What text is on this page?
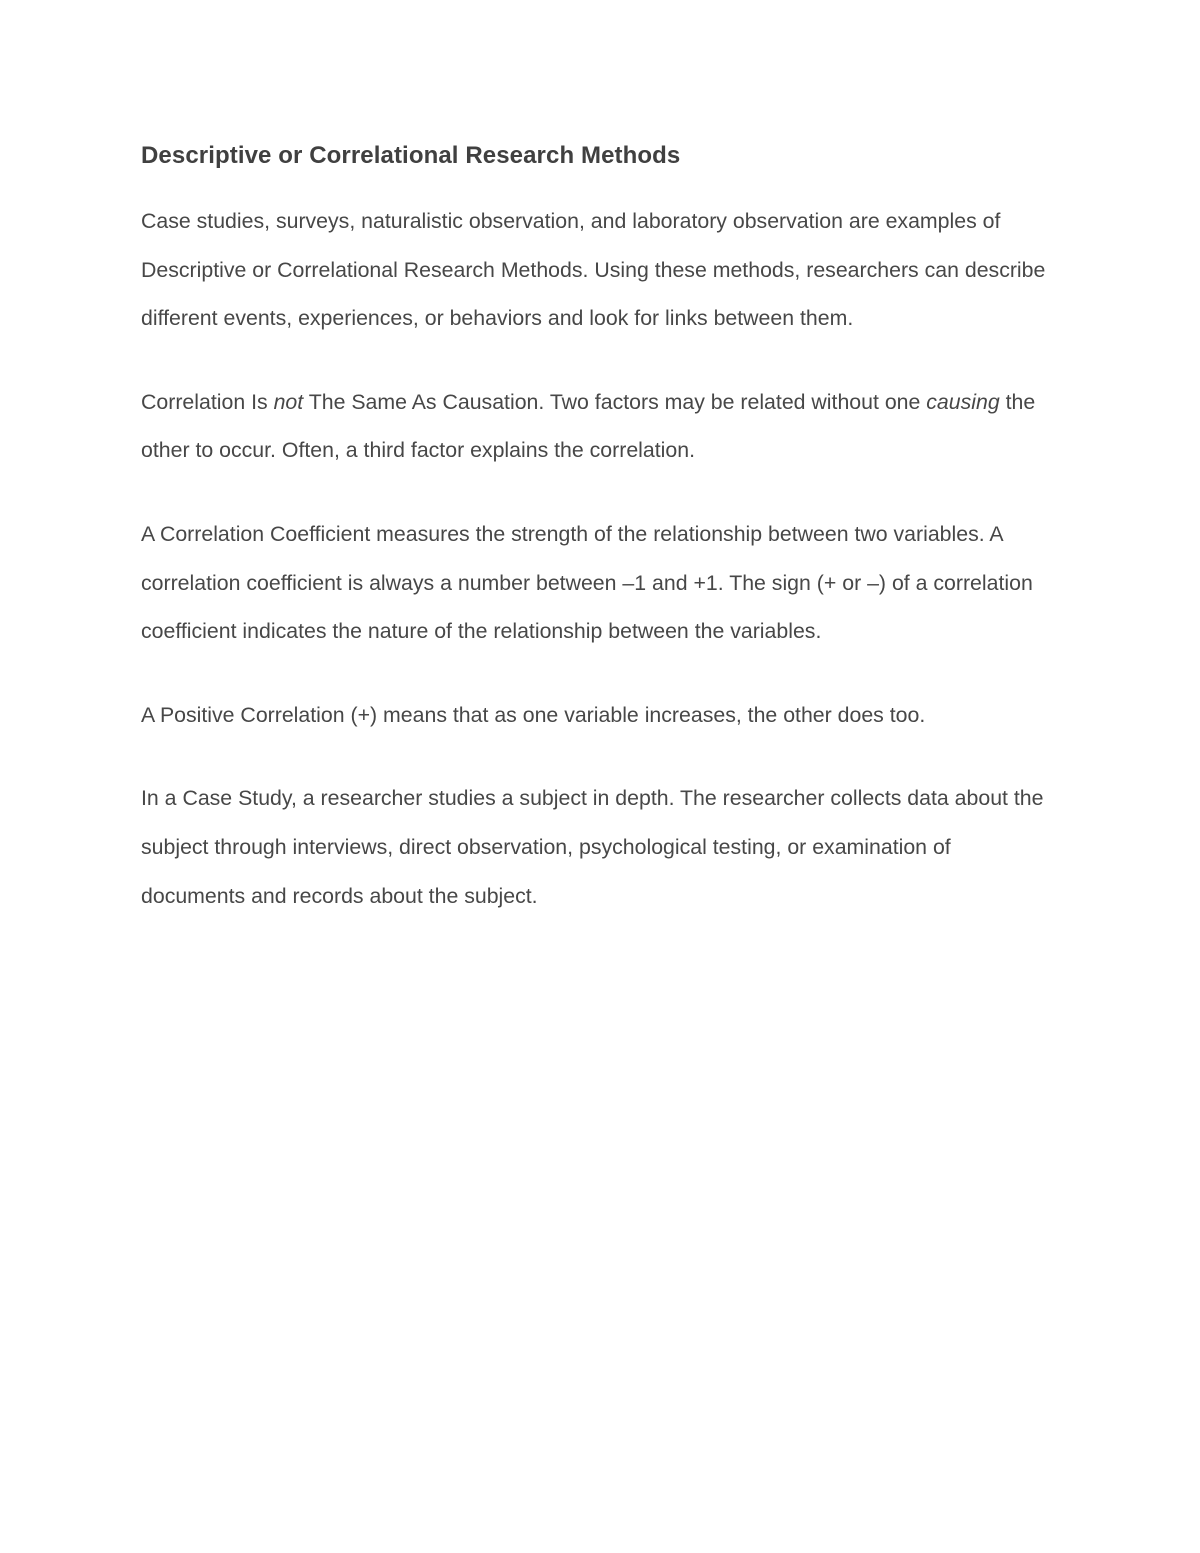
Descriptive or Correlational Research Methods

Case studies, surveys, naturalistic observation, and laboratory observation are examples of Descriptive or Correlational Research Methods. Using these methods, researchers can describe different events, experiences, or behaviors and look for links between them.

Correlation Is not The Same As Causation. Two factors may be related without one causing the other to occur. Often, a third factor explains the correlation.

A Correlation Coefficient measures the strength of the relationship between two variables. A correlation coefficient is always a number between –1 and +1. The sign (+ or –) of a correlation coefficient indicates the nature of the relationship between the variables.

A Positive Correlation (+) means that as one variable increases, the other does too.

In a Case Study, a researcher studies a subject in depth. The researcher collects data about the subject through interviews, direct observation, psychological testing, or examination of documents and records about the subject.
